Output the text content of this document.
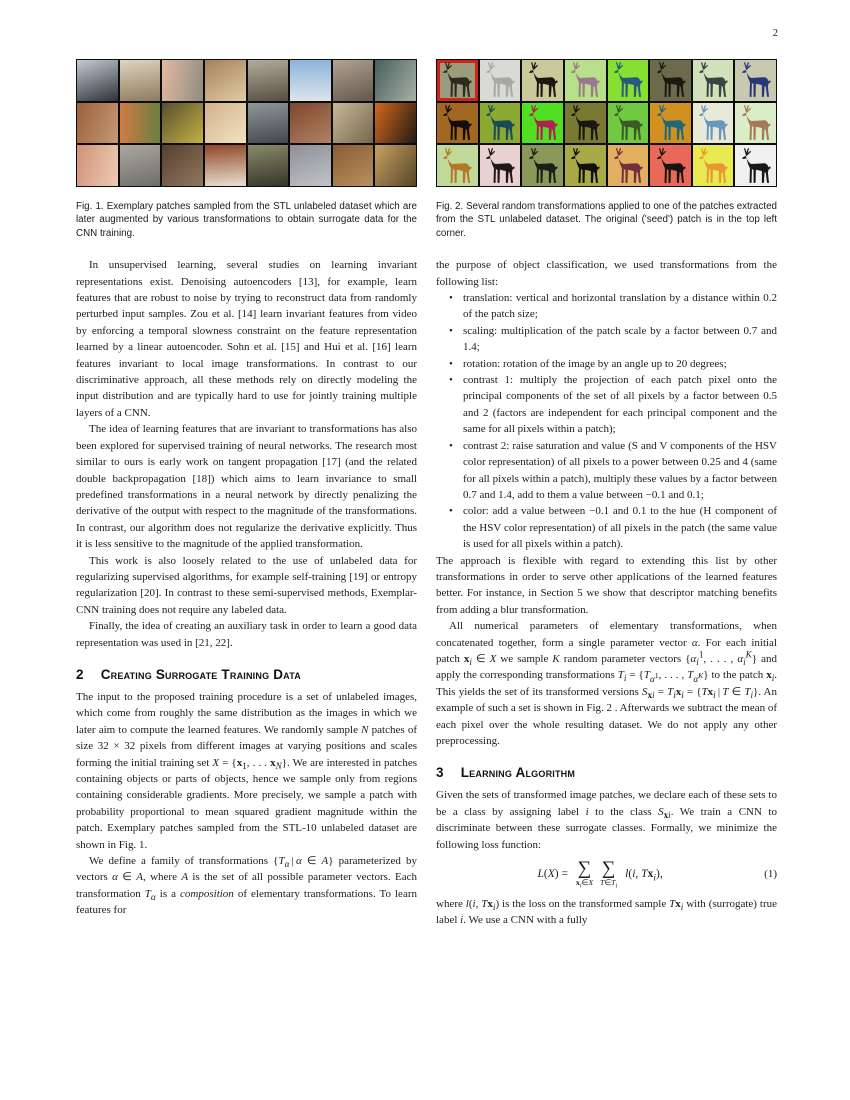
2
Fig. 1. Exemplary patches sampled from the STL unlabeled dataset which are later augmented by various transformations to obtain surrogate data for the CNN training.

In unsupervised learning, several studies on learning invariant representations exist. Denoising autoencoders [13], for example, learn features that are robust to noise by trying to reconstruct data from randomly perturbed input samples. Zou et al. [14] learn invariant features from video by enforcing a temporal slowness constraint on the feature representation learned by a linear autoencoder. Sohn et al. [15] and Hui et al. [16] learn features invariant to local image transformations. In contrast to our discriminative approach, all these methods rely on directly modeling the input distribution and are typically hard to use for jointly training multiple layers of a CNN.

The idea of learning features that are invariant to transformations has also been explored for supervised training of neural networks. The research most similar to ours is early work on tangent propagation [17] (and the related double backpropagation [18]) which aims to learn invariance to small predefined transformations in a neural network by directly penalizing the derivative of the output with respect to the magnitude of the transformations. In contrast, our algorithm does not regularize the derivative explicitly. Thus it is less sensitive to the magnitude of the applied transformation.

This work is also loosely related to the use of unlabeled data for regularizing supervised algorithms, for example self-training [19] or entropy regularization [20]. In contrast to these semi-supervised methods, Exemplar-CNN training does not require any labeled data.

Finally, the idea of creating an auxiliary task in order to learn a good data representation was used in [21, 22].

2 Creating Surrogate Training Data

The input to the proposed training procedure is a set of unlabeled images, which come from roughly the same distribution as the images in which we later aim to compute the learned features. We randomly sample N patches of size 32 × 32 pixels from different images at varying positions and scales forming the initial training set $X = \{x_1$, . . . $x_N$}. We are interested in patches containing objects or parts of objects, hence we sample only from regions containing considerable gradients. More precisely, we sample a patch with probability proportional to mean squared gradient magnitude within the patch. Exemplary patches sampled from the STL-10 unlabeled dataset are shown in Fig. 1.

We define a family of transformations {$T_\alpha$ | α ∈ A} parameterized by vectors α ∈ A, where A is the set of all possible parameter vectors. Each transformation $T_\alpha$ is a composition of elementary transformations. To learn features for

Fig. 2. Several random transformations applied to one of the patches extracted from the STL unlabeled dataset. The original ('seed') patch is in the top left corner.

the purpose of object classification, we used transformations from the following list:

• translation: vertical and horizontal translation by a distance within 0.2 of the patch size;
• scaling: multiplication of the patch scale by a factor between 0.7 and 1.4;
• rotation: rotation of the image by an angle up to 20 degrees;
• contrast 1: multiply the projection of each patch pixel onto the principal components of the set of all pixels by a factor between 0.5 and 2 (factors are independent for each principal component and the same for all pixels within a patch);
• contrast 2: raise saturation and value (S and V components of the HSV color representation) of all pixels to a power between 0.25 and 4 (same for all pixels within a patch), multiply these values by a factor between 0.7 and 1.4, add to them a value between −0.1 and 0.1;
• color: add a value between −0.1 and 0.1 to the hue (H component of the HSV color representation) of all pixels in the patch (the same value is used for all pixels within a patch).

The approach is flexible with regard to extending this list by other transformations in order to serve other applications of the learned features better. For instance, in Section 5 we show that descriptor matching benefits from adding a blur transformation.

All numerical parameters of elementary transformations, when concatenated together, form a single parameter vector α. For each initial patch $x_i$ ∈ X we sample K random parameter vectors {$\alpha_i^1$, . . . , $\alpha_i^K$} and apply the corresponding transformations $T_i = \{T_{\alpha^1}$, . . . , $T_{\alpha^K}$} to the patch $x_i$. This yields the set of its transformed versions $S_{xi} = T_ix_i = \{Tx_i$ | T ∈ $T_i$}. An example of such a set is shown in Fig. 2 . Afterwards we subtract the mean of each pixel over the whole resulting dataset. We do not apply any other preprocessing.

3 Learning Algorithm

Given the sets of transformed image patches, we declare each of these sets to be a class by assigning label i to the class $S_{xi}$. We train a CNN to discriminate between these surrogate classes. Formally, we minimize the following loss function:

L(X) = ∑
$x_i\in X$

∑
$T\in T_i$
l(i, $Tx_i$),	(1)

where l(i, $Tx_i$) is the loss on the transformed sample $Tx_i$ with (surrogate) true label i. We use a CNN with a fully
